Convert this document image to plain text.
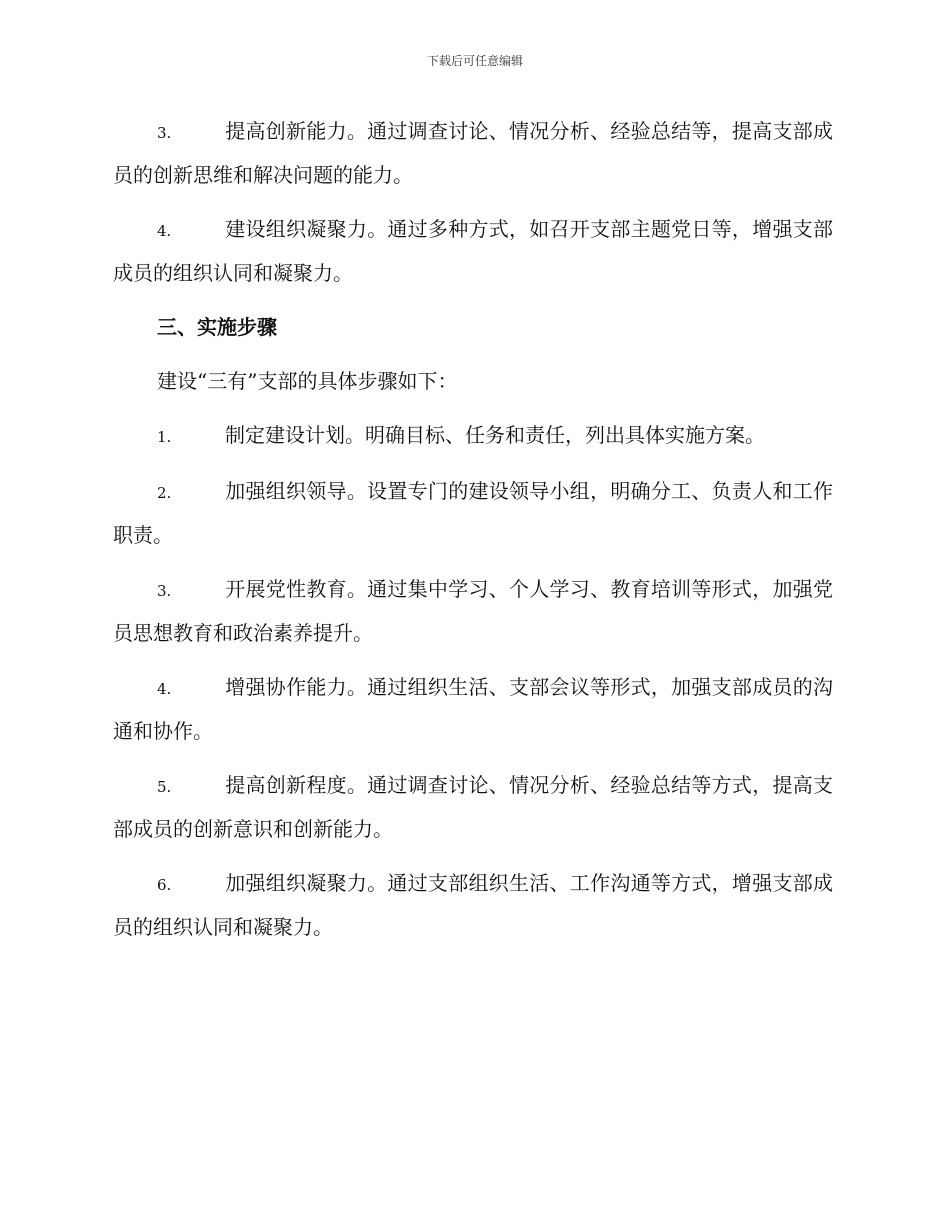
下载后可任意编辑

3.	提高创新能力。通过调查讨论、情况分析、经验总结等，提高支部成员的创新思维和解决问题的能力。

4.	建设组织凝聚力。通过多种方式，如召开支部主题党日等，增强支部成员的组织认同和凝聚力。

三、实施步骤

建设“三有”支部的具体步骤如下：

1.	制定建设计划。明确目标、任务和责任，列出具体实施方案。

2.	加强组织领导。设置专门的建设领导小组，明确分工、负责人和工作职责。

3.	开展党性教育。通过集中学习、个人学习、教育培训等形式，加强党员思想教育和政治素养提升。

4.	增强协作能力。通过组织生活、支部会议等形式，加强支部成员的沟通和协作。

5.	提高创新程度。通过调查讨论、情况分析、经验总结等方式，提高支部成员的创新意识和创新能力。

6.	加强组织凝聚力。通过支部组织生活、工作沟通等方式，增强支部成员的组织认同和凝聚力。
